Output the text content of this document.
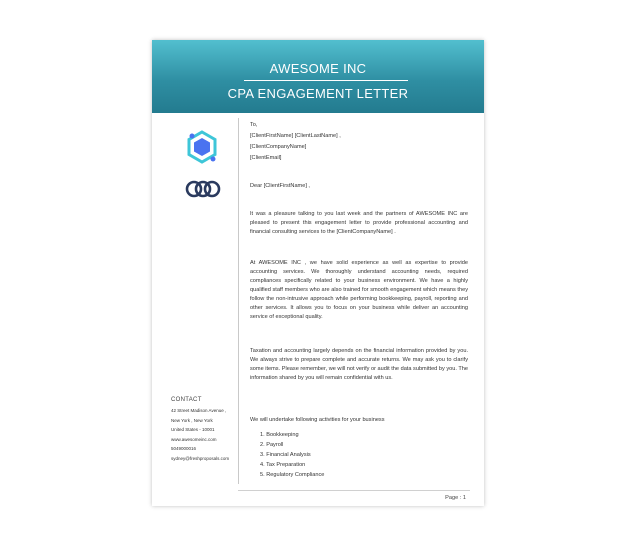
AWESOME INC
CPA ENGAGEMENT LETTER
CONTACT
42 Street Madison Avenue ,
New York , New York
United States - 10001
www.awesomeinc.com
5049000016
sydney@freshproposals.com
To,
[ClientFirstName] [ClientLastName] ,
[ClientCompanyName]
[ClientEmail]
Dear [ClientFirstName] ,
It was a pleasure talking to you last week and the partners of AWESOME INC are pleased to present this engagement letter to provide professional accounting and financial consulting services to the [ClientCompanyName] .
At AWESOME INC , we have solid experience as well as expertise to provide accounting services. We thoroughly understand accounting needs, required compliances specifically related to your business environment. We have a highly qualified staff members who are also trained for smooth engagement which means they follow the non-intrusive approach while performing bookkeeping, payroll, reporting and other services. It allows you to focus on your business while deliver an accounting service of exceptional quality.
Taxation and accounting largely depends on the financial information provided by you. We always strive to prepare complete and accurate returns. We may ask you to clarify some items. Please remember, we will not verify or audit the data submitted by you. The information shared by you will remain confidential with us.
We will undertake following activities for your business
1. Bookkeeping
2. Payroll
3. Financial Analysis
4. Tax Preparation
5. Regulatory Compliance
Page : 1
